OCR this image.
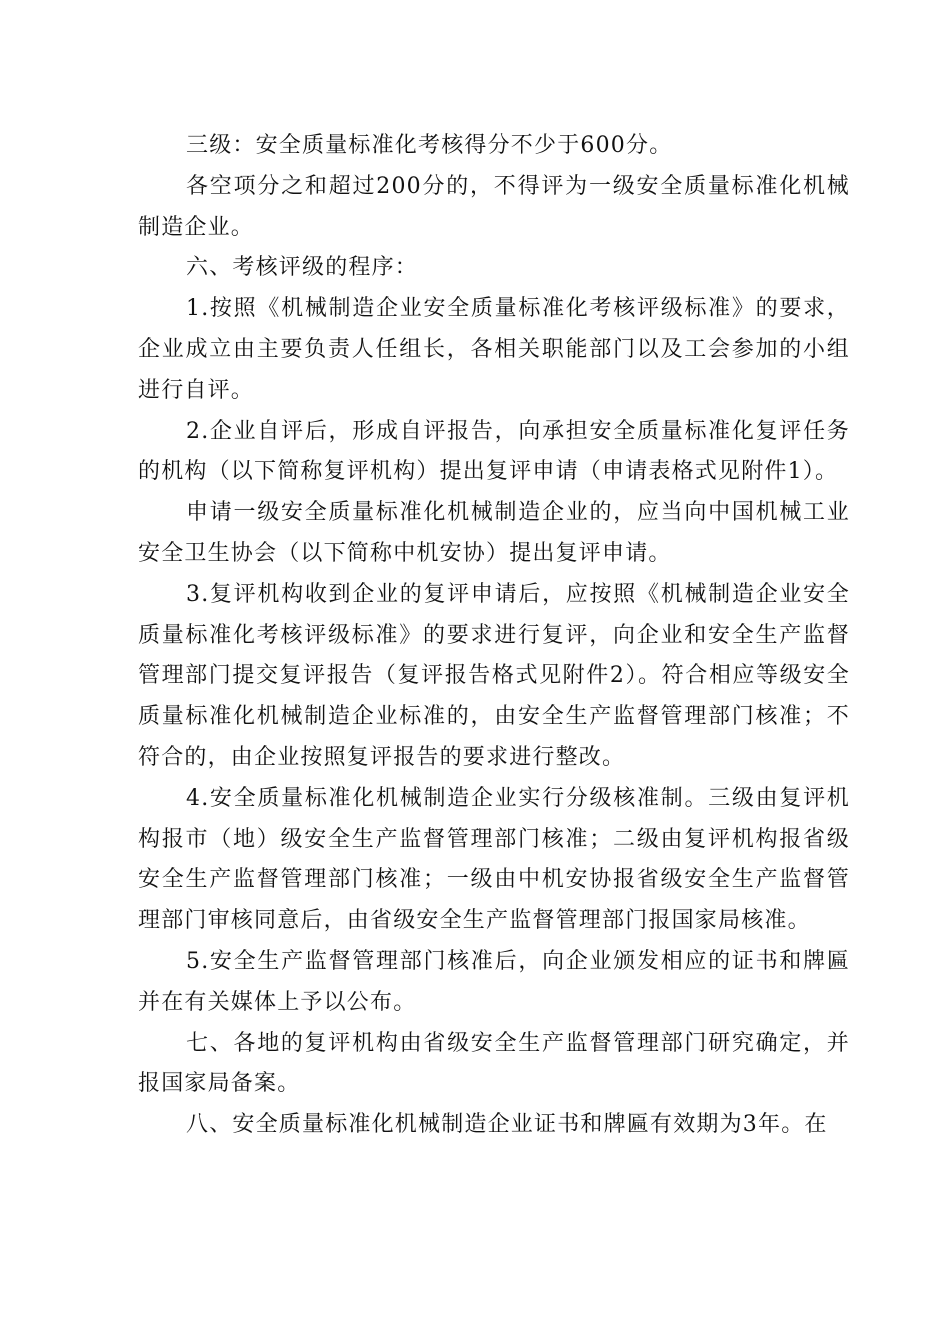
三级：安全质量标准化考核得分不少于600分。

各空项分之和超过200分的，不得评为一级安全质量标准化机械制造企业。

六、考核评级的程序：

1.按照《机械制造企业安全质量标准化考核评级标准》的要求，企业成立由主要负责人任组长，各相关职能部门以及工会参加的小组进行自评。

2.企业自评后，形成自评报告，向承担安全质量标准化复评任务的机构（以下简称复评机构）提出复评申请（申请表格式见附件1）。

申请一级安全质量标准化机械制造企业的，应当向中国机械工业安全卫生协会（以下简称中机安协）提出复评申请。

3.复评机构收到企业的复评申请后，应按照《机械制造企业安全质量标准化考核评级标准》的要求进行复评，向企业和安全生产监督管理部门提交复评报告（复评报告格式见附件2）。符合相应等级安全质量标准化机械制造企业标准的，由安全生产监督管理部门核准；不符合的，由企业按照复评报告的要求进行整改。

4.安全质量标准化机械制造企业实行分级核准制。三级由复评机构报市（地）级安全生产监督管理部门核准；二级由复评机构报省级安全生产监督管理部门核准；一级由中机安协报省级安全生产监督管理部门审核同意后，由省级安全生产监督管理部门报国家局核准。

5.安全生产监督管理部门核准后，向企业颁发相应的证书和牌匾并在有关媒体上予以公布。

七、各地的复评机构由省级安全生产监督管理部门研究确定，并报国家局备案。

八、安全质量标准化机械制造企业证书和牌匾有效期为3年。在
